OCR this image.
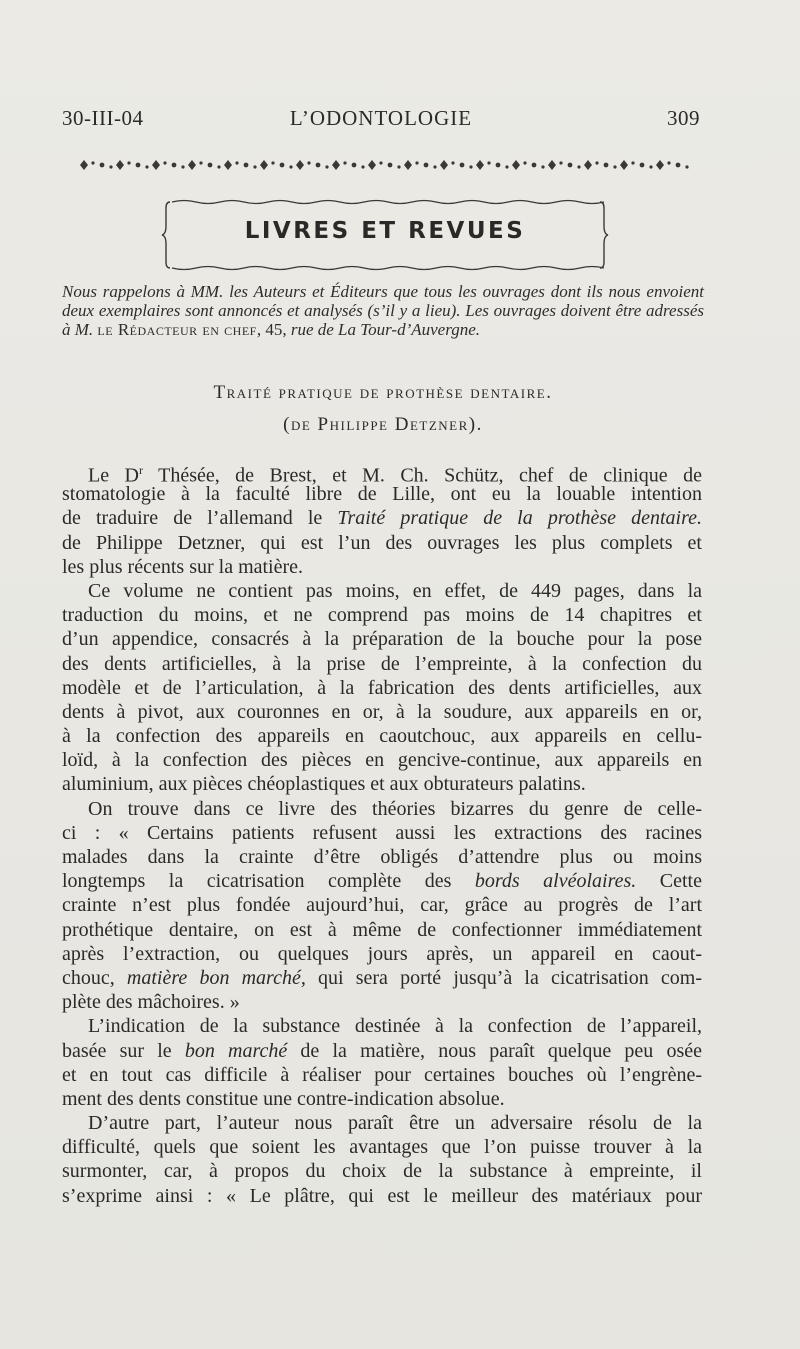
30-III-04	L’ODONTOLOGIE	309
LIVRES ET REVUES
Nous rappelons à MM. les Auteurs et Éditeurs que tous les ouvrages dont ils nous envoient deux exemplaires sont annoncés et analysés (s’il y a lieu). Les ouvrages doivent être adressés à M. le Rédacteur en chef, 45, rue de La Tour-d’Auvergne.
Traité pratique de prothèse dentaire.
(de Philippe Detzner).
Le $D^r$ Thésée, de Brest, et M. Ch. Schütz, chef de clinique de
stomatologie à la faculté libre de Lille, ont eu la louable intention
de traduire de l’allemand le Traité pratique de la prothèse dentaire.
de Philippe Detzner, qui est l’un des ouvrages les plus complets et
les plus récents sur la matière.
Ce volume ne contient pas moins, en effet, de 449 pages, dans la
traduction du moins, et ne comprend pas moins de 14 chapitres et
d’un appendice, consacrés à la préparation de la bouche pour la pose
des dents artificielles, à la prise de l’empreinte, à la confection du
modèle et de l’articulation, à la fabrication des dents artificielles, aux
dents à pivot, aux couronnes en or, à la soudure, aux appareils en or,
à la confection des appareils en caoutchouc, aux appareils en cellu-
loïd, à la confection des pièces en gencive-continue, aux appareils en
aluminium, aux pièces chéoplastiques et aux obturateurs palatins.
On trouve dans ce livre des théories bizarres du genre de celle-
ci : « Certains patients refusent aussi les extractions des racines
malades dans la crainte d’être obligés d’attendre plus ou moins
longtemps la cicatrisation complète des bords alvéolaires. Cette
crainte n’est plus fondée aujourd’hui, car, grâce au progrès de l’art
prothétique dentaire, on est à même de confectionner immédiatement
après l’extraction, ou quelques jours après, un appareil en caout-
chouc, matière bon marché, qui sera porté jusqu’à la cicatrisation com-
plète des mâchoires. »
L’indication de la substance destinée à la confection de l’appareil,
basée sur le bon marché de la matière, nous paraît quelque peu osée
et en tout cas difficile à réaliser pour certaines bouches où l’engrène-
ment des dents constitue une contre-indication absolue.
D’autre part, l’auteur nous paraît être un adversaire résolu de la
difficulté, quels que soient les avantages que l’on puisse trouver à la
surmonter, car, à propos du choix de la substance à empreinte, il
s’exprime ainsi : « Le plâtre, qui est le meilleur des matériaux pour
